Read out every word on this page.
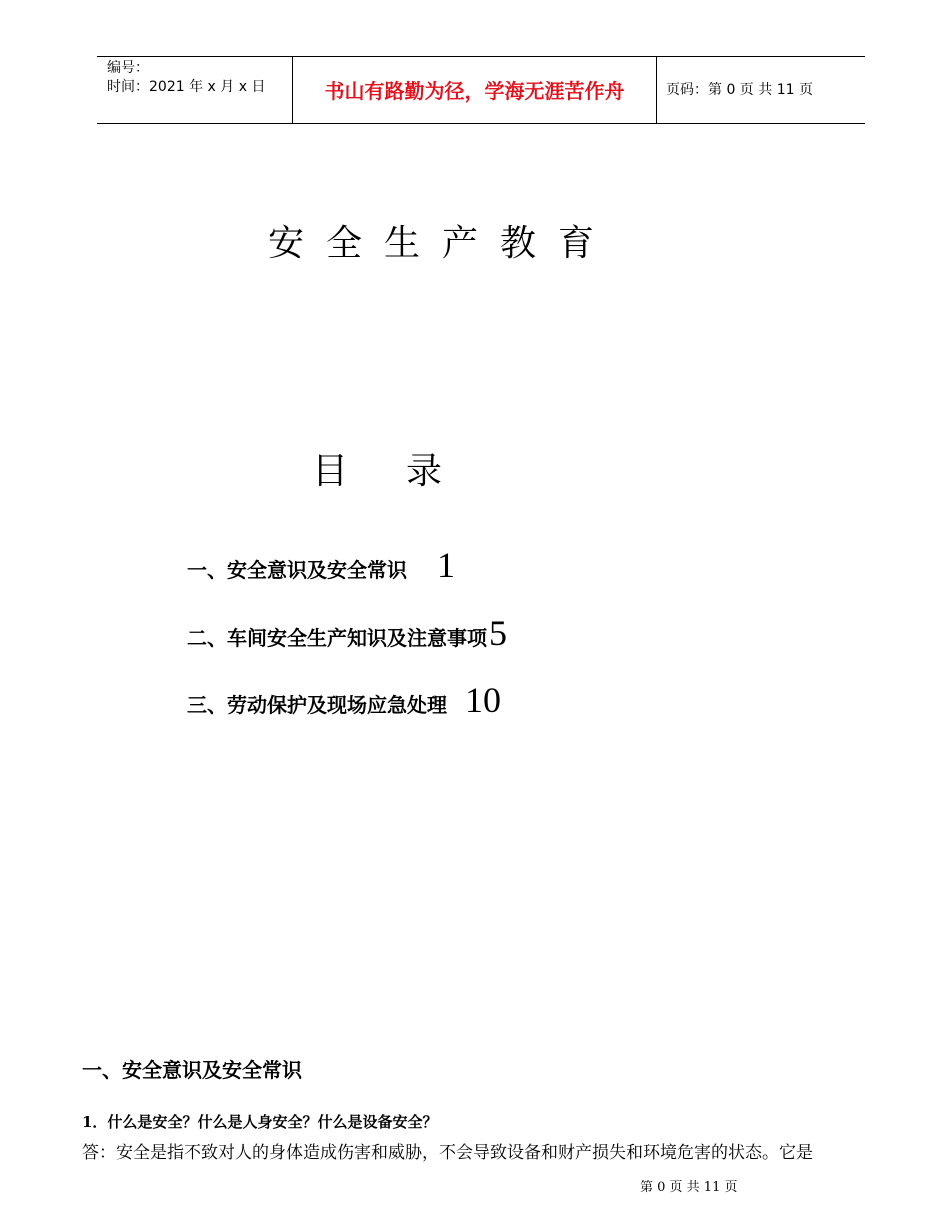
编号：
时间：2021 年 x 月 x 日	书山有路勤为径，学海无涯苦作舟	页码：第 0 页 共 11 页
安全生产教育
目录
一、安全意识及安全常识 1
二、车间安全生产知识及注意事项5
三、劳动保护及现场应急处理 10
一、安全意识及安全常识
1．什么是安全？什么是人身安全？什么是设备安全？
答：安全是指不致对人的身体造成伤害和威胁，不会导致设备和财产损失和环境危害的状态。它是
第 0 页 共 11 页
